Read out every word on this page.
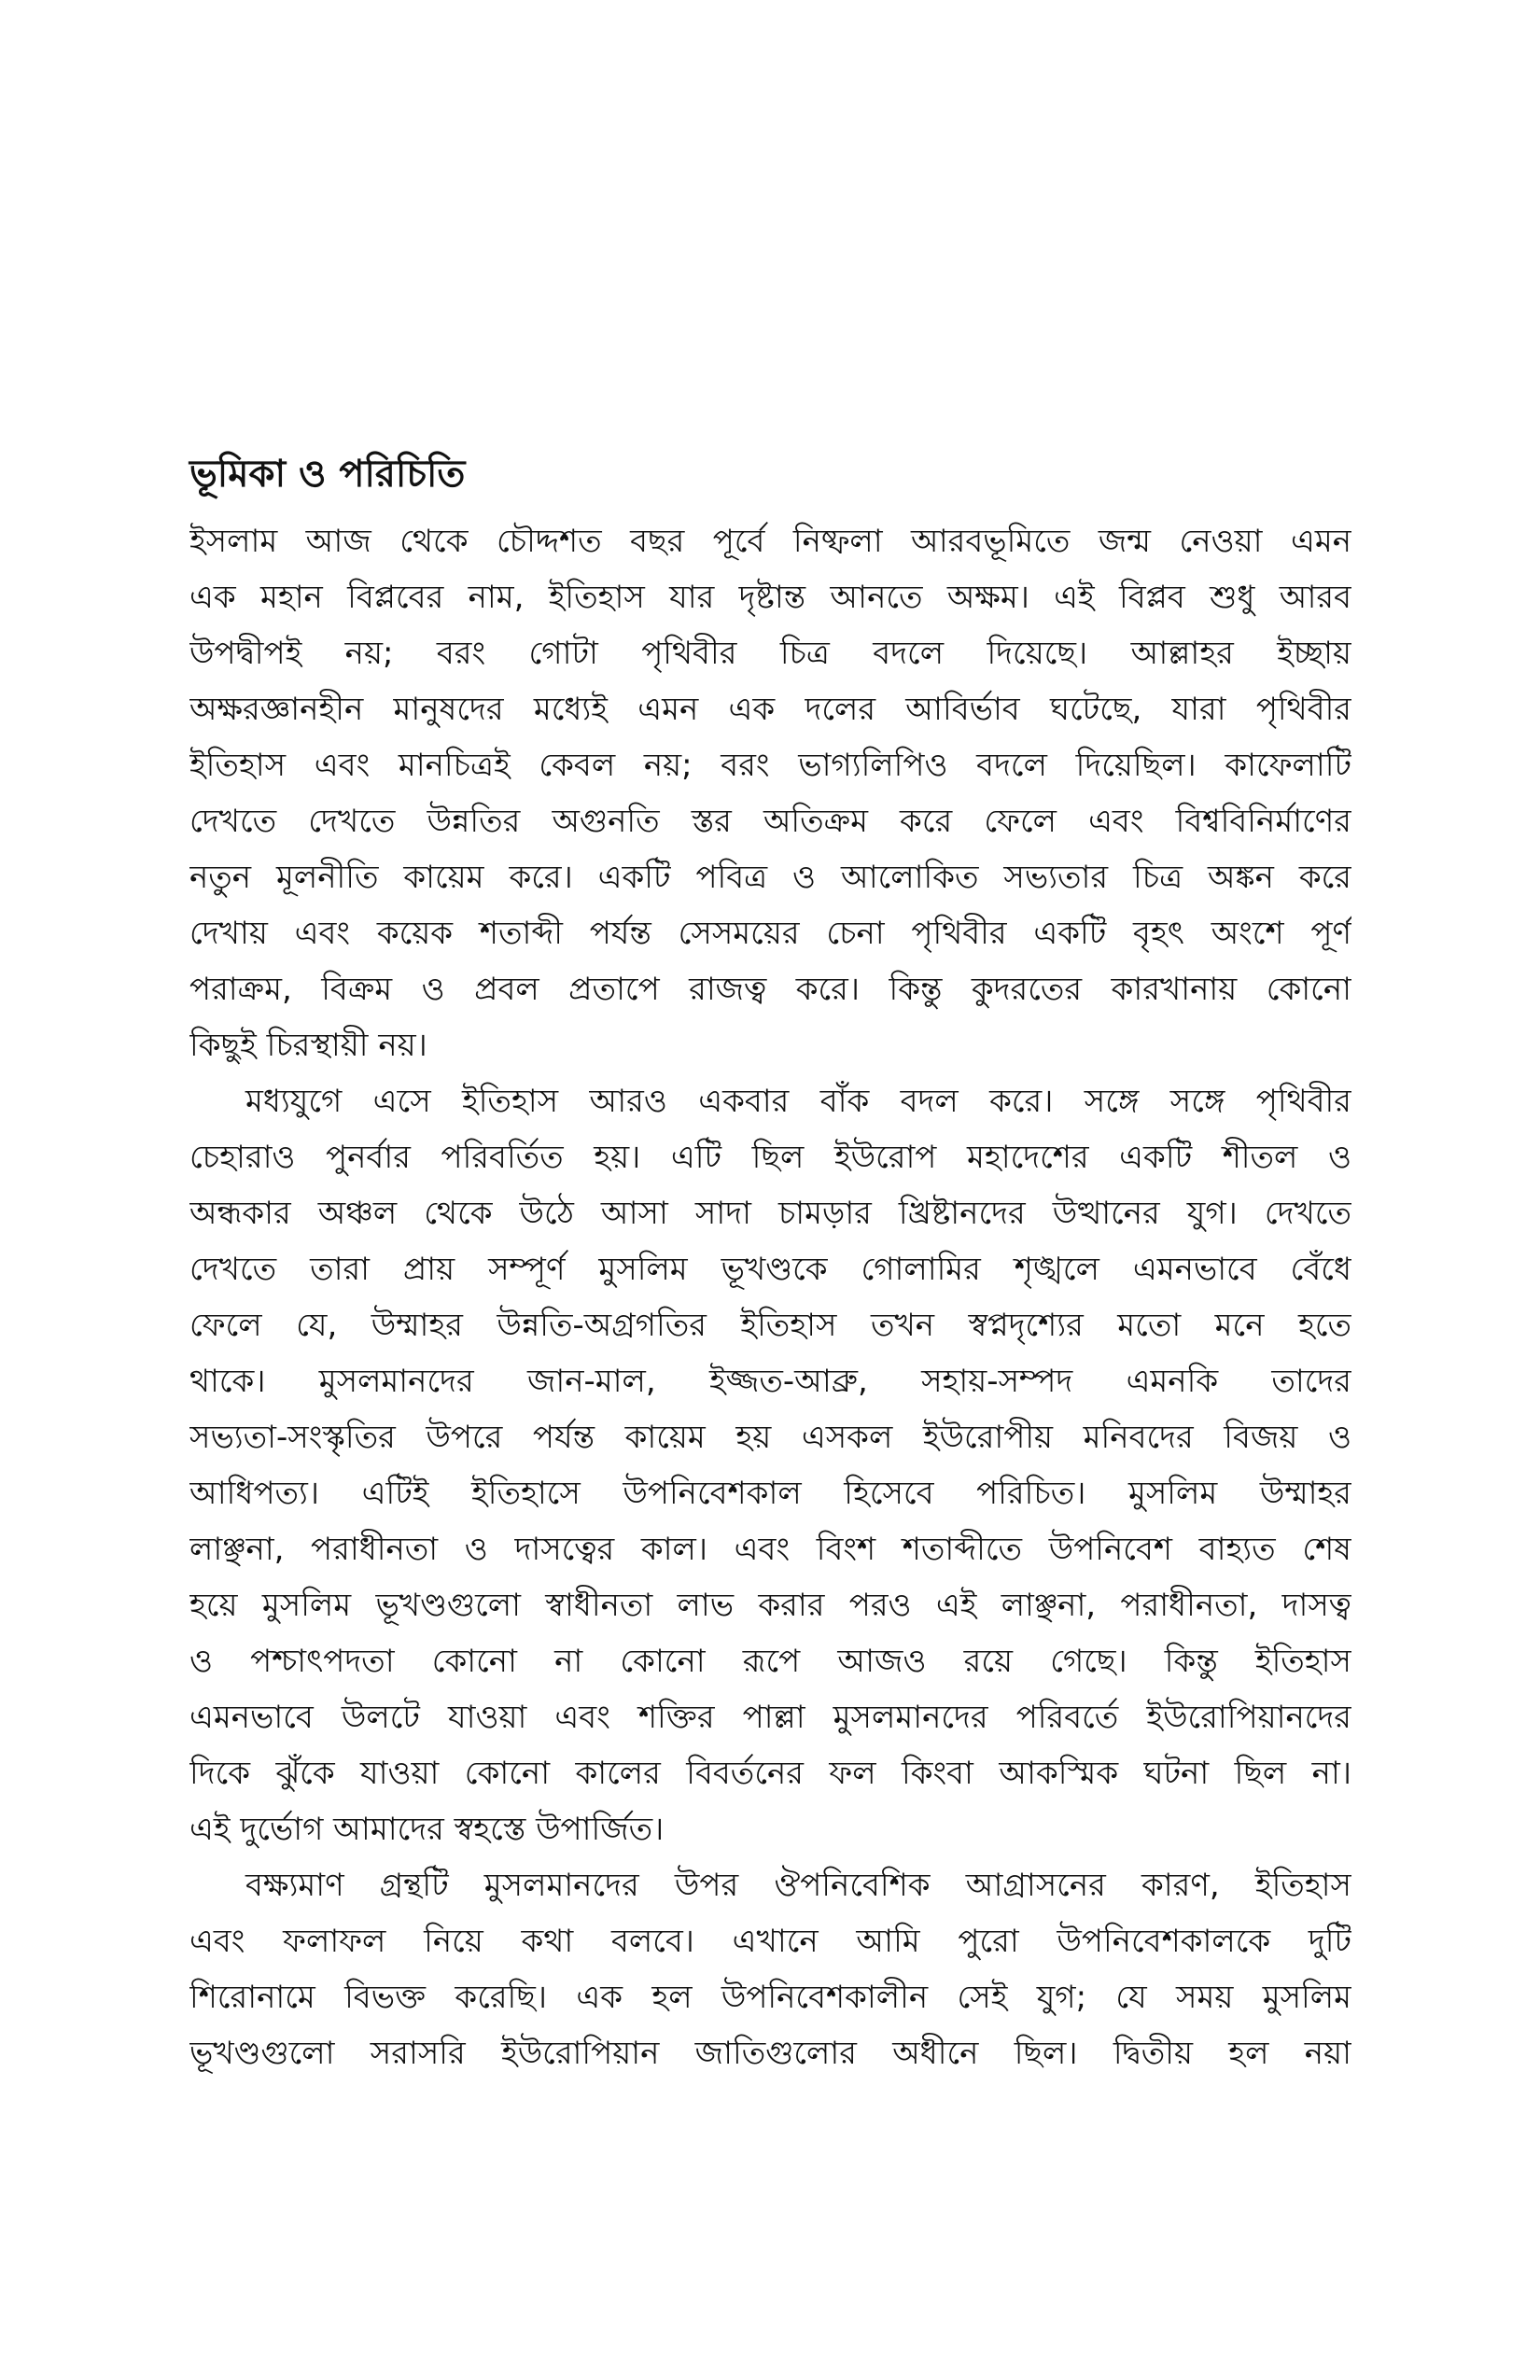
ভূমিকা ও পরিচিতি
ইসলাম আজ থেকে চৌদ্দশত বছর পূর্বে নিষ্ফলা আরবভূমিতে জন্ম নেওয়া এমন
এক মহান বিপ্লবের নাম, ইতিহাস যার দৃষ্টান্ত আনতে অক্ষম। এই বিপ্লব শুধু আরব
উপদ্বীপই নয়; বরং গোটা পৃথিবীর চিত্র বদলে দিয়েছে। আল্লাহর ইচ্ছায়
অক্ষরজ্ঞানহীন মানুষদের মধ্যেই এমন এক দলের আবির্ভাব ঘটেছে, যারা পৃথিবীর
ইতিহাস এবং মানচিত্রই কেবল নয়; বরং ভাগ্যলিপিও বদলে দিয়েছিল। কাফেলাটি
দেখতে দেখতে উন্নতির অগুনতি স্তর অতিক্রম করে ফেলে এবং বিশ্ববিনির্মাণের
নতুন মূলনীতি কায়েম করে। একটি পবিত্র ও আলোকিত সভ্যতার চিত্র অঙ্কন করে
দেখায় এবং কয়েক শতাব্দী পর্যন্ত সেসময়ের চেনা পৃথিবীর একটি বৃহৎ অংশে পূর্ণ
পরাক্রম, বিক্রম ও প্রবল প্রতাপে রাজত্ব করে। কিন্তু কুদরতের কারখানায় কোনো
কিছুই চিরস্থায়ী নয়।
মধ্যযুগে এসে ইতিহাস আরও একবার বাঁক বদল করে। সঙ্গে সঙ্গে পৃথিবীর
চেহারাও পুনর্বার পরিবর্তিত হয়। এটি ছিল ইউরোপ মহাদেশের একটি শীতল ও
অন্ধকার অঞ্চল থেকে উঠে আসা সাদা চামড়ার খ্রিষ্টানদের উত্থানের যুগ। দেখতে
দেখতে তারা প্রায় সম্পূর্ণ মুসলিম ভূখণ্ডকে গোলামির শৃঙ্খলে এমনভাবে বেঁধে
ফেলে যে, উম্মাহর উন্নতি-অগ্রগতির ইতিহাস তখন স্বপ্নদৃশ্যের মতো মনে হতে
থাকে। মুসলমানদের জান-মাল, ইজ্জত-আব্রু, সহায়-সম্পদ এমনকি তাদের
সভ্যতা-সংস্কৃতির উপরে পর্যন্ত কায়েম হয় এসকল ইউরোপীয় মনিবদের বিজয় ও
আধিপত্য। এটিই ইতিহাসে উপনিবেশকাল হিসেবে পরিচিত। মুসলিম উম্মাহর
লাঞ্ছনা, পরাধীনতা ও দাসত্বের কাল। এবং বিংশ শতাব্দীতে উপনিবেশ বাহ্যত শেষ
হয়ে মুসলিম ভূখণ্ডগুলো স্বাধীনতা লাভ করার পরও এই লাঞ্ছনা, পরাধীনতা, দাসত্ব
ও পশ্চাৎপদতা কোনো না কোনো রূপে আজও রয়ে গেছে। কিন্তু ইতিহাস
এমনভাবে উলটে যাওয়া এবং শক্তির পাল্লা মুসলমানদের পরিবর্তে ইউরোপিয়ানদের
দিকে ঝুঁকে যাওয়া কোনো কালের বিবর্তনের ফল কিংবা আকস্মিক ঘটনা ছিল না।
এই দুর্ভোগ আমাদের স্বহস্তে উপার্জিত।
বক্ষ্যমাণ গ্রন্থটি মুসলমানদের উপর ঔপনিবেশিক আগ্রাসনের কারণ, ইতিহাস
এবং ফলাফল নিয়ে কথা বলবে। এখানে আমি পুরো উপনিবেশকালকে দুটি
শিরোনামে বিভক্ত করেছি। এক হল উপনিবেশকালীন সেই যুগ; যে সময় মুসলিম
ভূখণ্ডগুলো সরাসরি ইউরোপিয়ান জাতিগুলোর অধীনে ছিল। দ্বিতীয় হল নয়া
